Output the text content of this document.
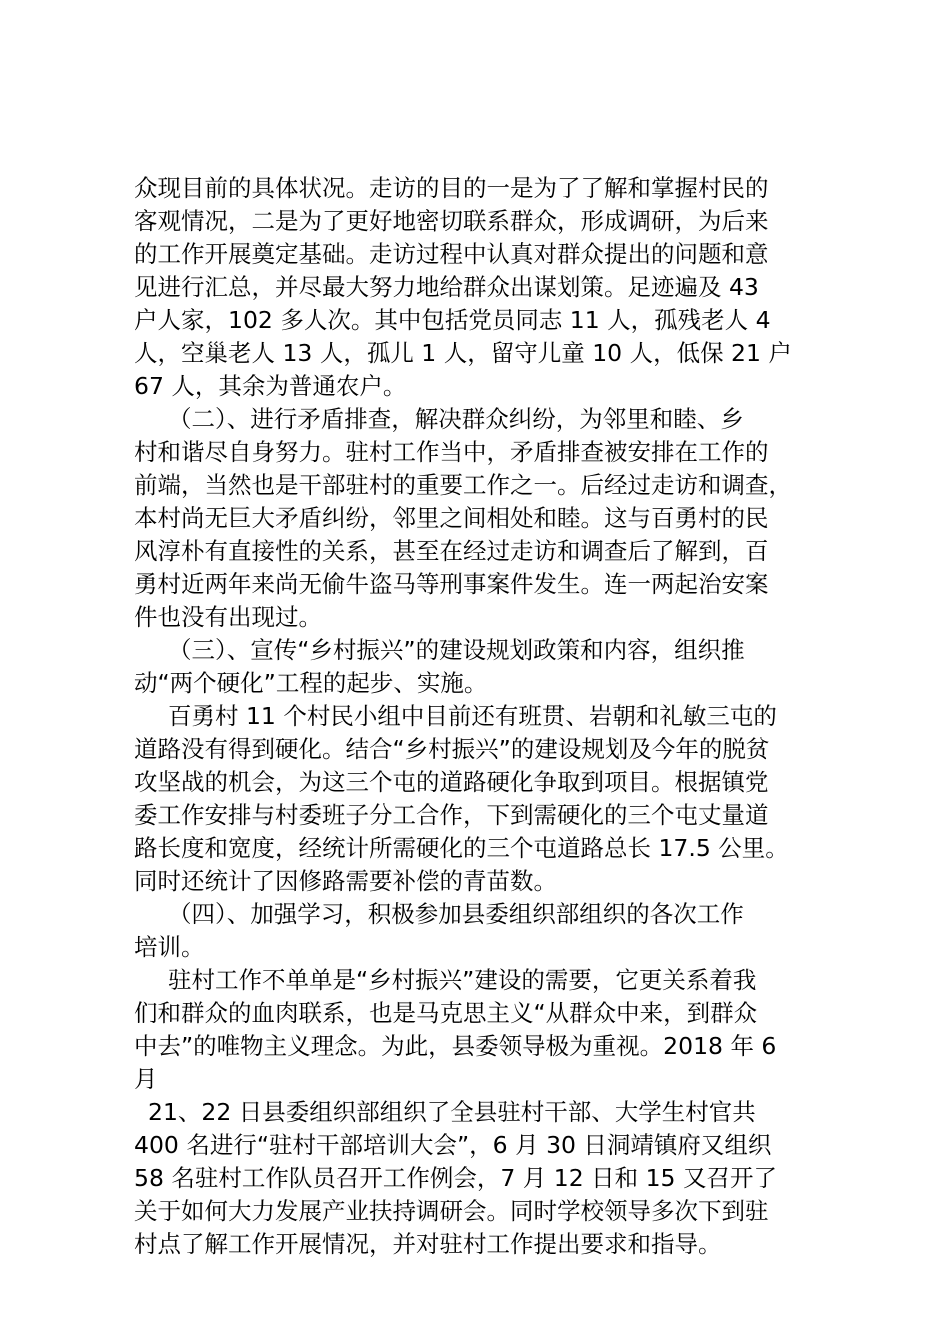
众现目前的具体状况。走访的目的一是为了了解和掌握村民的
客观情况，二是为了更好地密切联系群众，形成调研，为后来
的工作开展奠定基础。走访过程中认真对群众提出的问题和意
见进行汇总，并尽最大努力地给群众出谋划策。足迹遍及 43
户人家，102 多人次。其中包括党员同志 11 人，孤残老人 4
人，空巢老人 13 人，孤儿 1 人，留守儿童 10 人，低保 21 户
67 人，其余为普通农户。
（二）、进行矛盾排查，解决群众纠纷，为邻里和睦、乡
村和谐尽自身努力。驻村工作当中，矛盾排查被安排在工作的
前端，当然也是干部驻村的重要工作之一。后经过走访和调查，
本村尚无巨大矛盾纠纷，邻里之间相处和睦。这与百勇村的民
风淳朴有直接性的关系，甚至在经过走访和调查后了解到，百
勇村近两年来尚无偷牛盗马等刑事案件发生。连一两起治安案
件也没有出现过。
（三）、宣传“乡村振兴”的建设规划政策和内容，组织推
动“两个硬化”工程的起步、实施。
百勇村 11 个村民小组中目前还有班贯、岩朝和礼敏三屯的
道路没有得到硬化。结合“乡村振兴”的建设规划及今年的脱贫
攻坚战的机会，为这三个屯的道路硬化争取到项目。根据镇党
委工作安排与村委班子分工合作，下到需硬化的三个屯丈量道
路长度和宽度，经统计所需硬化的三个屯道路总长 17.5 公里。
同时还统计了因修路需要补偿的青苗数。
（四）、加强学习，积极参加县委组织部组织的各次工作
培训。
驻村工作不单单是“乡村振兴”建设的需要，它更关系着我
们和群众的血肉联系，也是马克思主义“从群众中来，到群众
中去”的唯物主义理念。为此，县委领导极为重视。2018 年 6
月
21、22 日县委组织部组织了全县驻村干部、大学生村官共
400 名进行“驻村干部培训大会”，6 月 30 日洞靖镇府又组织
58 名驻村工作队员召开工作例会，7 月 12 日和 15 又召开了
关于如何大力发展产业扶持调研会。同时学校领导多次下到驻
村点了解工作开展情况，并对驻村工作提出要求和指导。
